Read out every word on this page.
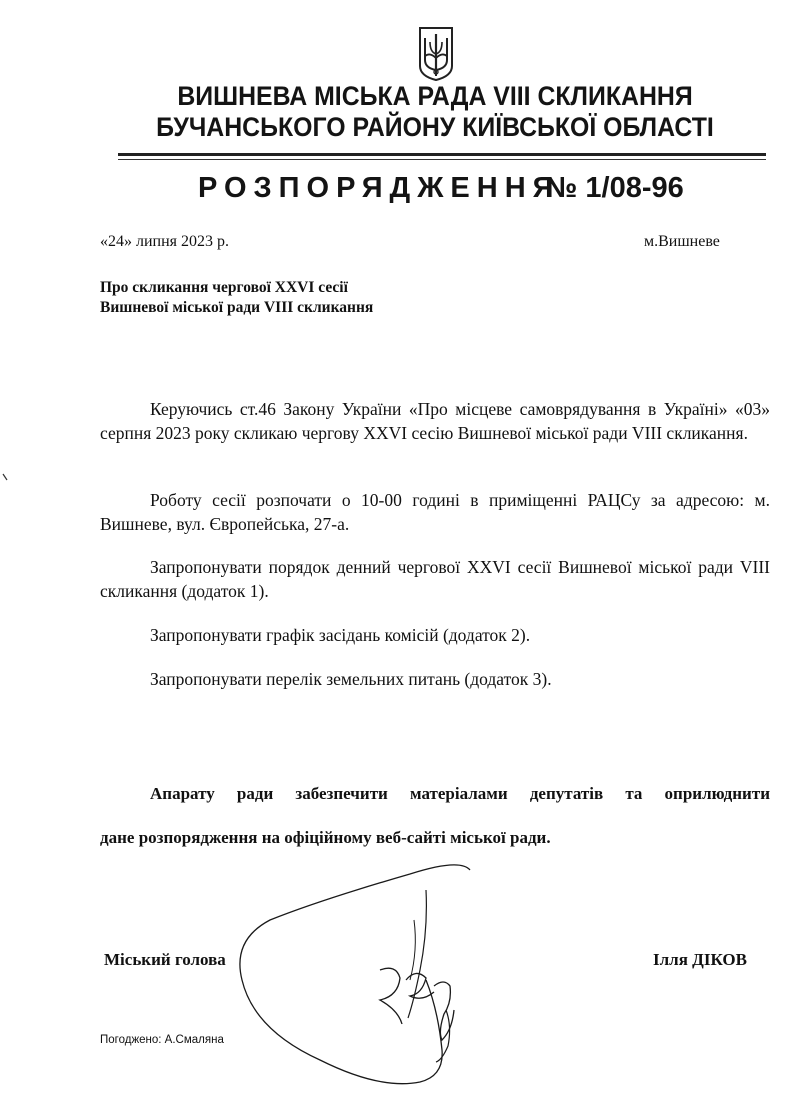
ВИШНЕВА МІСЬКА РАДА VIII СКЛИКАННЯ
БУЧАНСЬКОГО РАЙОНУ КИЇВСЬКОЇ ОБЛАСТІ
РОЗПОРЯДЖЕННЯ
№ 1/08-96
«24» липня 2023 р.	м.Вишневе
Про скликання чергової XXVI сесії
Вишневої міської ради VIII скликання
Керуючись ст.46 Закону України «Про місцеве самоврядування в Україні» «03» серпня 2023 року скликаю чергову XXVI сесію Вишневої міської ради VIII скликання.
Роботу сесії розпочати о 10-00 годині в приміщенні РАЦСу за адресою: м. Вишневе, вул. Європейська, 27-а.
Запропонувати порядок денний чергової XXVI сесії Вишневої міської ради VIII скликання (додаток 1).
Запропонувати графік засідань комісій (додаток 2).
Запропонувати перелік земельних питань (додаток 3).
Апарату ради забезпечити матеріалами депутатів та оприлюднити
дане розпорядження на офіційному веб-сайті міської ради.
Міський голова	Ілля ДІКОВ
Погоджено: А.Смаляна
